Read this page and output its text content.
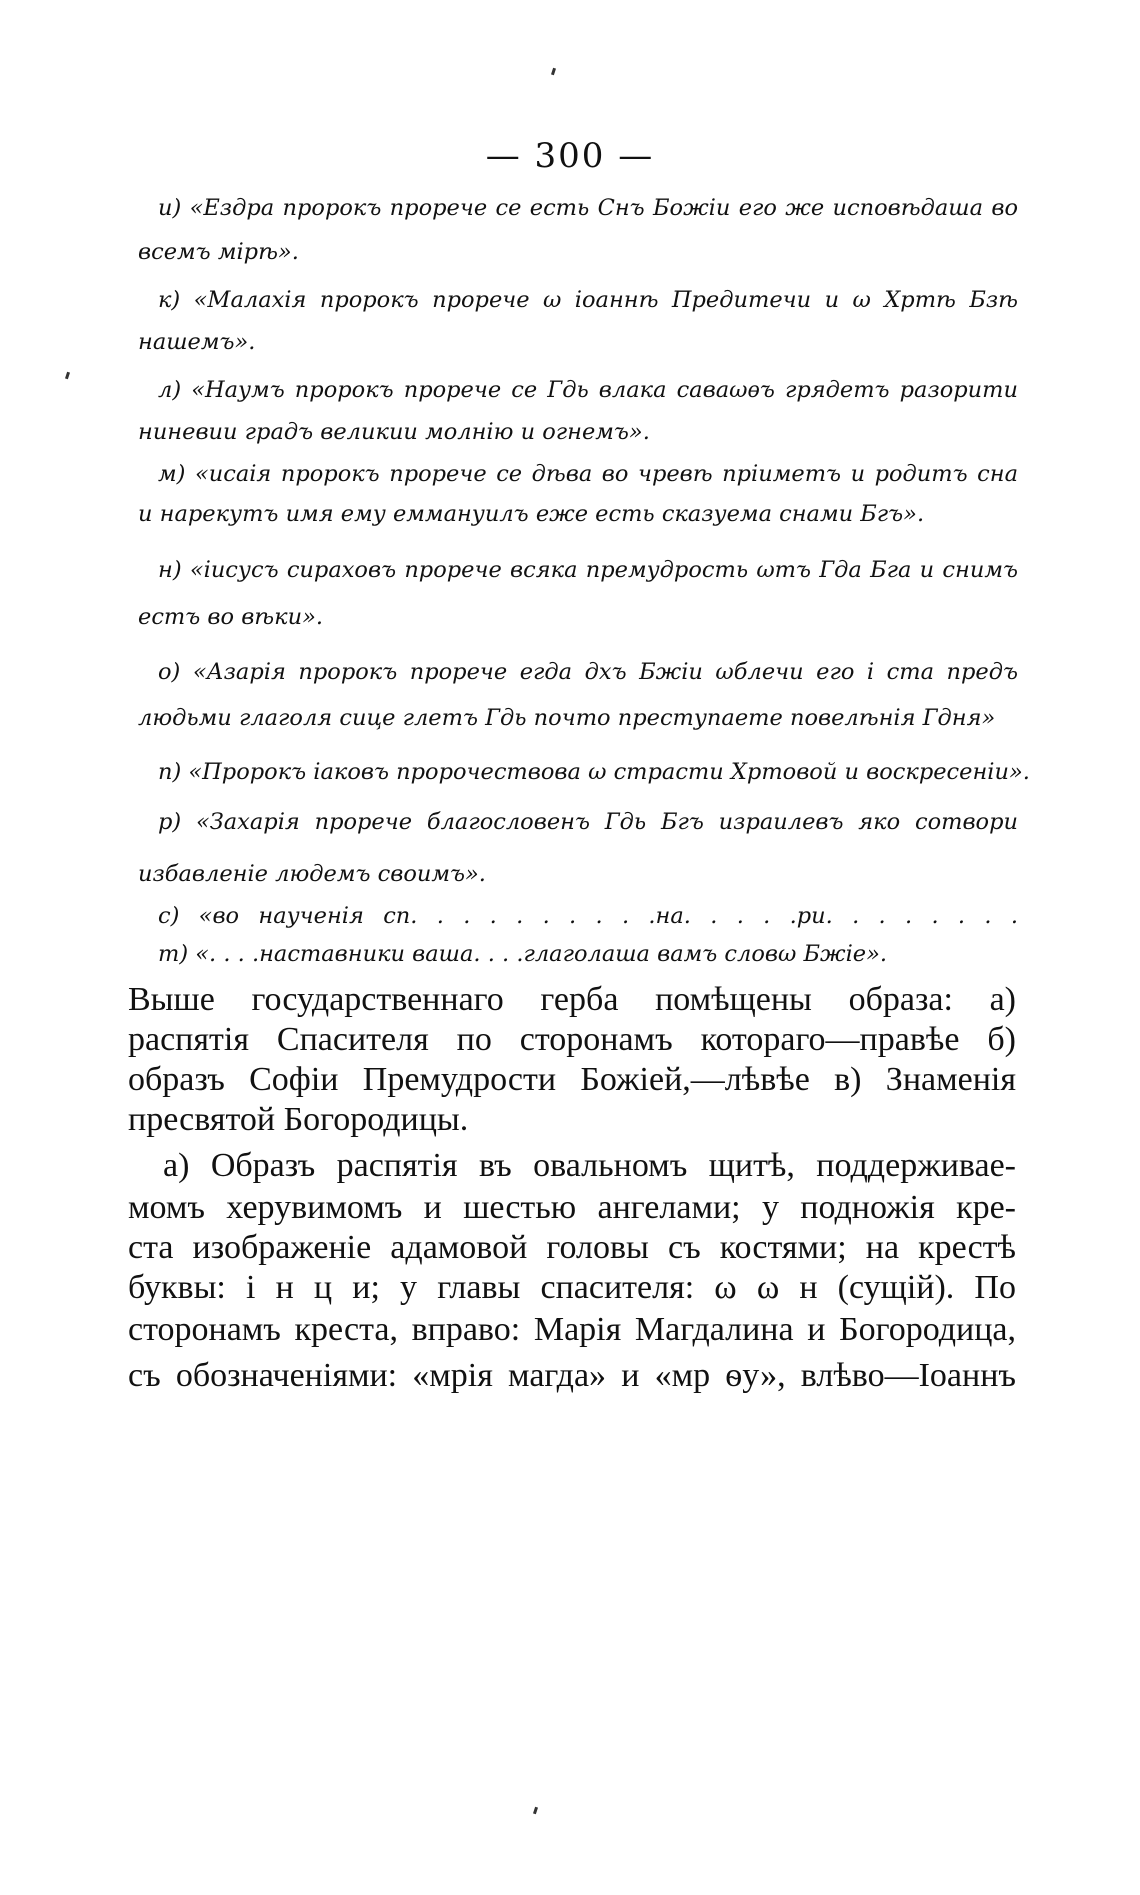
— 300 —
и) «Ездра пророкъ прорече се есть Снъ Божiи его же исповѣдаша во
всемъ мiрѣ».
к) «Малахiя пророкъ прорече ω iоаннѣ Предитечи и ω Хртѣ Бзѣ
нашемъ».
л) «Наумъ пророкъ прорече се Гдь влака саваωѳъ грядетъ разорити
ниневии градъ великии молнiю и огнемъ».
м) «исаiя пророкъ прорече се дѣва во чревѣ прiиметъ и родитъ сна
и нарекутъ имя ему еммануилъ еже есть сказуема снами Бгъ».
н) «iисусъ сираховъ прорече всяка премудрость ωтъ Гда Бга и снимъ
естъ во вѣки».
о) «Азарiя пророкъ прорече егда дхъ Бжiи ωблечи его i ста предъ
людьми глаголя сице глетъ Гдь почто преступаете повелѣнiя Гдня»
п) «Пророкъ iаковъ пророчествова ω страсти Хртовой и воскресенiи».
р) «Захарiя прорече благословенъ Гдь Бгъ израилевъ яко сотвори
избавленiе людемъ своимъ».
с) «во наученiя сп. . . . . . . . . .на. . . . .ри. . . . . . . .
т) «. . . .наставники ваша. . . .глаголаша вамъ словω Бжiе».
Выше государственнаго герба помѣщены образа: а)
распятiя Спасителя по сторонамъ котораго—правѣе б)
образъ Софiи Премудрости Божiей,—лѣвѣе в) Знаменiя
пресвятой Богородицы.
а) Образъ распятiя въ овальномъ щитѣ, поддерживае-
момъ херувимомъ и шестью ангелами; у подножiя кре-
ста изображенiе адамовой головы съ костями; на крестѣ
буквы: і н ц и; у главы спасителя: ω ω н (сущiй). По
сторонамъ креста, вправо: Марiя Магдалина и Богородица,
съ обозначенiями: «мрiя магда» и «мр ѳу», влѣво—Iоаннъ
